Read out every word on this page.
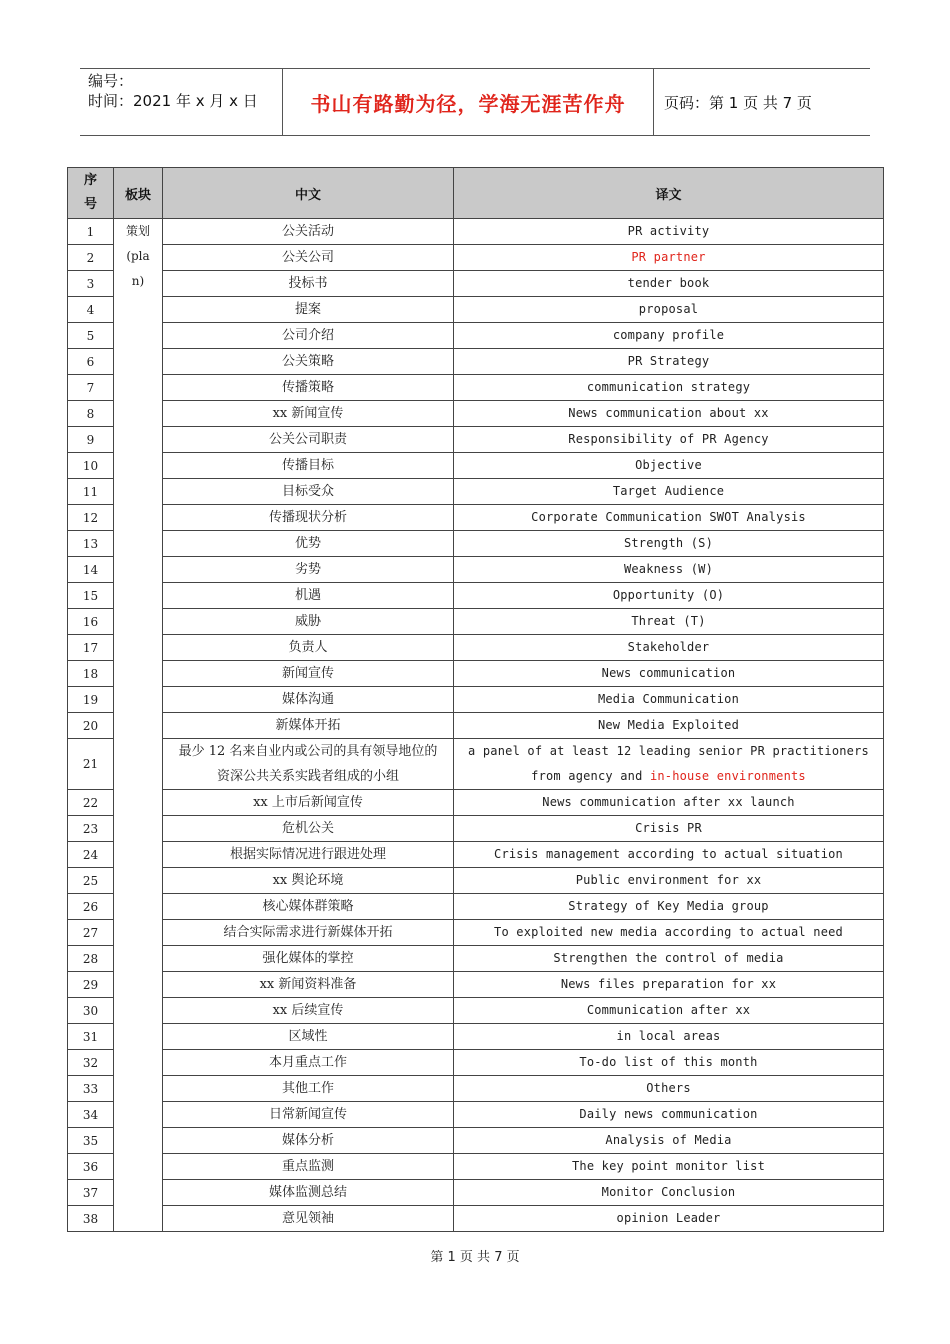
编号：
时间：2021 年 x 月 x 日	书山有路勤为径，学海无涯苦作舟	页码：第 1 页 共 7 页
序号	板块	中文	译文
1	策划(plan)	公关活动	PR activity
2		公关公司	PR partner
3		投标书	tender book
4		提案	proposal
5		公司介绍	company profile
6		公关策略	PR Strategy
7		传播策略	communication strategy
8		xx 新闻宣传	News communication about xx
9		公关公司职责	Responsibility of PR Agency
10		传播目标	Objective
11		目标受众	Target Audience
12		传播现状分析	Corporate Communication SWOT Analysis
13		优势	Strength (S)
14		劣势	Weakness (W)
15		机遇	Opportunity (O)
16		威胁	Threat (T)
17		负责人	Stakeholder
18		新闻宣传	News communication
19		媒体沟通	Media Communication
20		新媒体开拓	New Media Exploited
21		最少 12 名来自业内或公司的具有领导地位的资深公共关系实践者组成的小组	a panel of at least 12 leading senior PR practitioners from agency and in-house environments
22		xx 上市后新闻宣传	News communication after xx launch
23		危机公关	Crisis PR
24		根据实际情况进行跟进处理	Crisis management according to actual situation
25		xx 舆论环境	Public environment for xx
26		核心媒体群策略	Strategy of Key Media group
27		结合实际需求进行新媒体开拓	To exploited new media according to actual need
28		强化媒体的掌控	Strengthen the control of media
29		xx 新闻资料准备	News files preparation for xx
30		xx 后续宣传	Communication after xx
31		区域性	in local areas
32		本月重点工作	To-do list of this month
33		其他工作	Others
34		日常新闻宣传	Daily news communication
35		媒体分析	Analysis of Media
36		重点监测	The key point monitor list
37		媒体监测总结	Monitor Conclusion
38		意见领袖	opinion Leader
第 1 页 共 7 页
